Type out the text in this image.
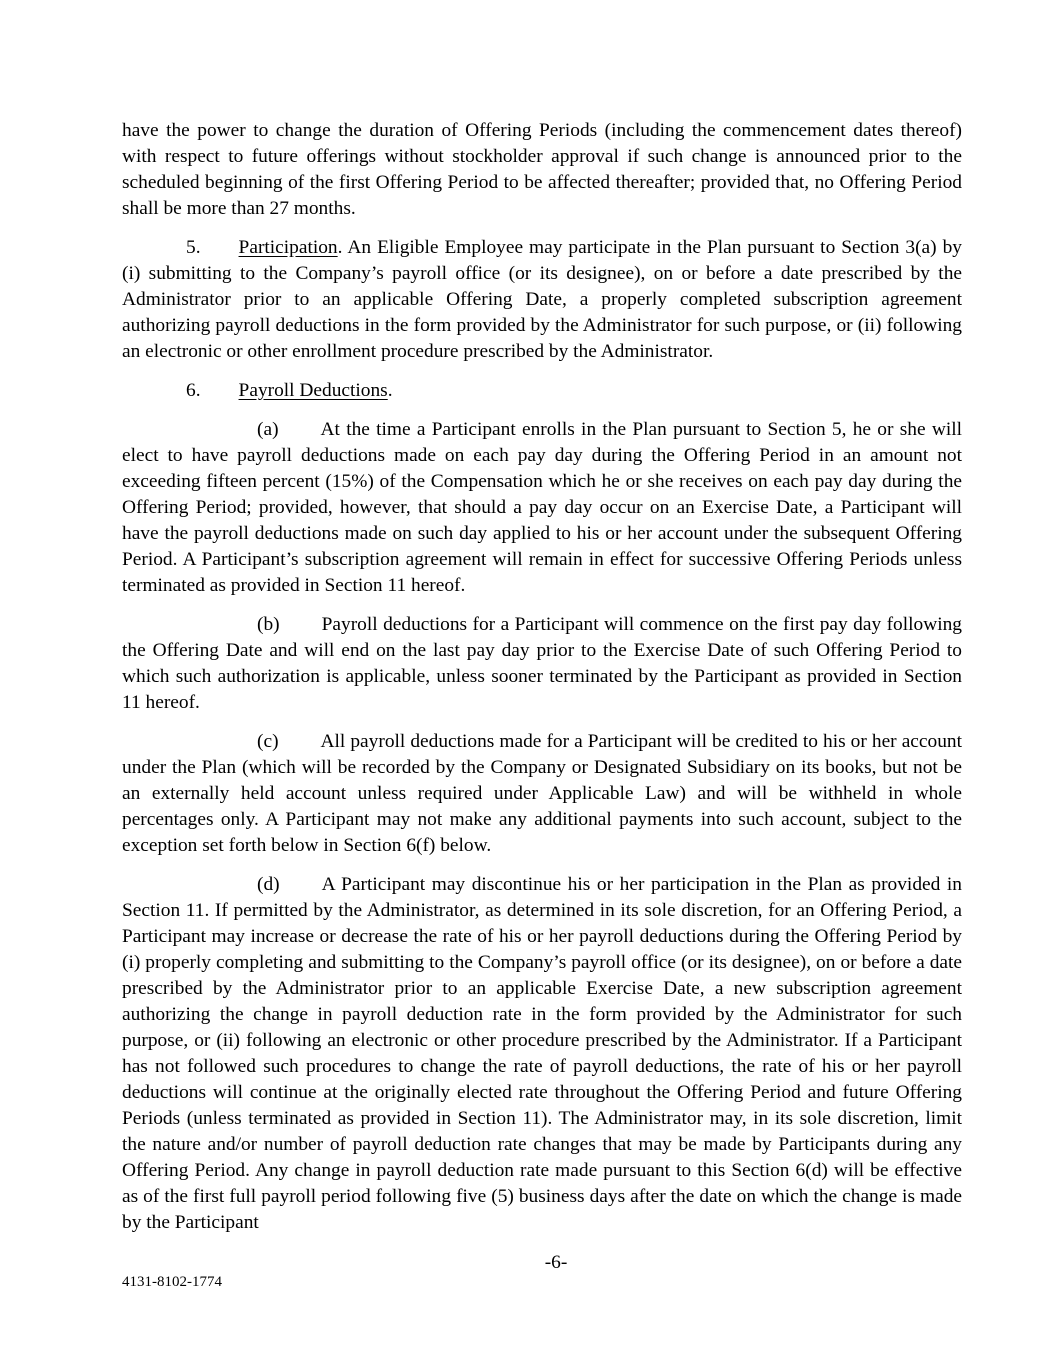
have the power to change the duration of Offering Periods (including the commencement dates thereof) with respect to future offerings without stockholder approval if such change is announced prior to the scheduled beginning of the first Offering Period to be affected thereafter; provided that, no Offering Period shall be more than 27 months.

5. Participation. An Eligible Employee may participate in the Plan pursuant to Section 3(a) by (i) submitting to the Company’s payroll office (or its designee), on or before a date prescribed by the Administrator prior to an applicable Offering Date, a properly completed subscription agreement authorizing payroll deductions in the form provided by the Administrator for such purpose, or (ii) following an electronic or other enrollment procedure prescribed by the Administrator.

6. Payroll Deductions.

(a) At the time a Participant enrolls in the Plan pursuant to Section 5, he or she will elect to have payroll deductions made on each pay day during the Offering Period in an amount not exceeding fifteen percent (15%) of the Compensation which he or she receives on each pay day during the Offering Period; provided, however, that should a pay day occur on an Exercise Date, a Participant will have the payroll deductions made on such day applied to his or her account under the subsequent Offering Period. A Participant’s subscription agreement will remain in effect for successive Offering Periods unless terminated as provided in Section 11 hereof.

(b) Payroll deductions for a Participant will commence on the first pay day following the Offering Date and will end on the last pay day prior to the Exercise Date of such Offering Period to which such authorization is applicable, unless sooner terminated by the Participant as provided in Section 11 hereof.

(c) All payroll deductions made for a Participant will be credited to his or her account under the Plan (which will be recorded by the Company or Designated Subsidiary on its books, but not be an externally held account unless required under Applicable Law) and will be withheld in whole percentages only. A Participant may not make any additional payments into such account, subject to the exception set forth below in Section 6(f) below.

(d) A Participant may discontinue his or her participation in the Plan as provided in Section 11. If permitted by the Administrator, as determined in its sole discretion, for an Offering Period, a Participant may increase or decrease the rate of his or her payroll deductions during the Offering Period by (i) properly completing and submitting to the Company’s payroll office (or its designee), on or before a date prescribed by the Administrator prior to an applicable Exercise Date, a new subscription agreement authorizing the change in payroll deduction rate in the form provided by the Administrator for such purpose, or (ii) following an electronic or other procedure prescribed by the Administrator. If a Participant has not followed such procedures to change the rate of payroll deductions, the rate of his or her payroll deductions will continue at the originally elected rate throughout the Offering Period and future Offering Periods (unless terminated as provided in Section 11). The Administrator may, in its sole discretion, limit the nature and/or number of payroll deduction rate changes that may be made by Participants during any Offering Period. Any change in payroll deduction rate made pursuant to this Section 6(d) will be effective as of the first full payroll period following five (5) business days after the date on which the change is made by the Participant

-6-
4131-8102-1774
